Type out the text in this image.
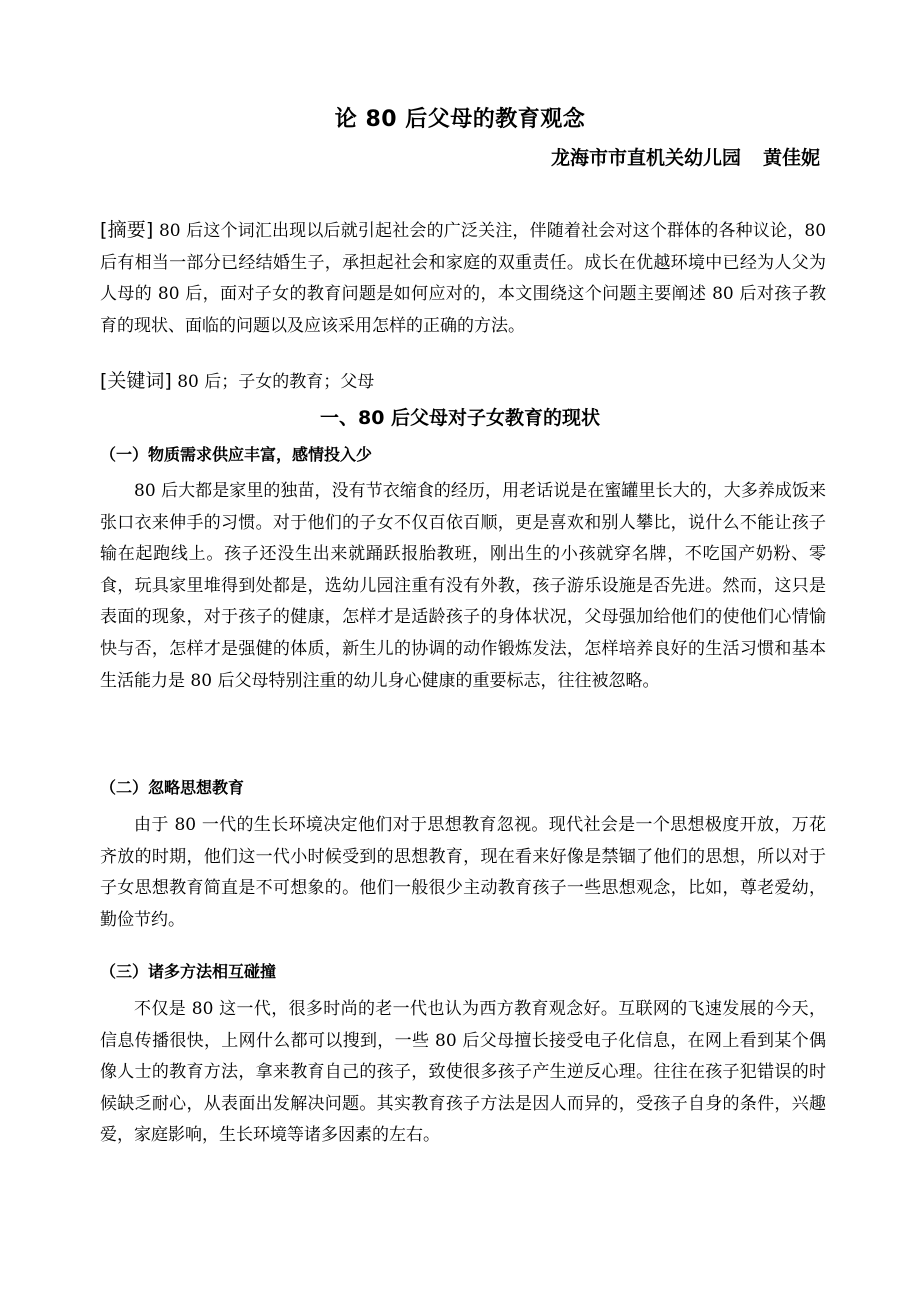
论 80 后父母的教育观念
龙海市市直机关幼儿园 黄佳妮
[摘要] 80 后这个词汇出现以后就引起社会的广泛关注，伴随着社会对这个群体的各种议论，80 后有相当一部分已经结婚生子，承担起社会和家庭的双重责任。成长在优越环境中已经为人父为人母的 80 后，面对子女的教育问题是如何应对的，本文围绕这个问题主要阐述 80 后对孩子教育的现状、面临的问题以及应该采用怎样的正确的方法。
[关键词] 80 后；子女的教育；父母
一、80 后父母对子女教育的现状
（一）物质需求供应丰富，感情投入少
80 后大都是家里的独苗，没有节衣缩食的经历，用老话说是在蜜罐里长大的，大多养成饭来张口衣来伸手的习惯。对于他们的子女不仅百依百顺，更是喜欢和别人攀比，说什么不能让孩子输在起跑线上。孩子还没生出来就踊跃报胎教班，刚出生的小孩就穿名牌，不吃国产奶粉、零食，玩具家里堆得到处都是，选幼儿园注重有没有外教，孩子游乐设施是否先进。然而，这只是表面的现象，对于孩子的健康，怎样才是适龄孩子的身体状况，父母强加给他们的使他们心情愉快与否，怎样才是强健的体质，新生儿的协调的动作锻炼发法，怎样培养良好的生活习惯和基本生活能力是 80 后父母特别注重的幼儿身心健康的重要标志，往往被忽略。
（二）忽略思想教育
由于 80 一代的生长环境决定他们对于思想教育忽视。现代社会是一个思想极度开放，万花齐放的时期，他们这一代小时候受到的思想教育，现在看来好像是禁锢了他们的思想，所以对于子女思想教育简直是不可想象的。他们一般很少主动教育孩子一些思想观念，比如，尊老爱幼，勤俭节约。
（三）诸多方法相互碰撞
不仅是 80 这一代，很多时尚的老一代也认为西方教育观念好。互联网的飞速发展的今天，信息传播很快，上网什么都可以搜到，一些 80 后父母擅长接受电子化信息，在网上看到某个偶像人士的教育方法，拿来教育自己的孩子，致使很多孩子产生逆反心理。往往在孩子犯错误的时候缺乏耐心，从表面出发解决问题。其实教育孩子方法是因人而异的，受孩子自身的条件，兴趣爱，家庭影响，生长环境等诸多因素的左右。
